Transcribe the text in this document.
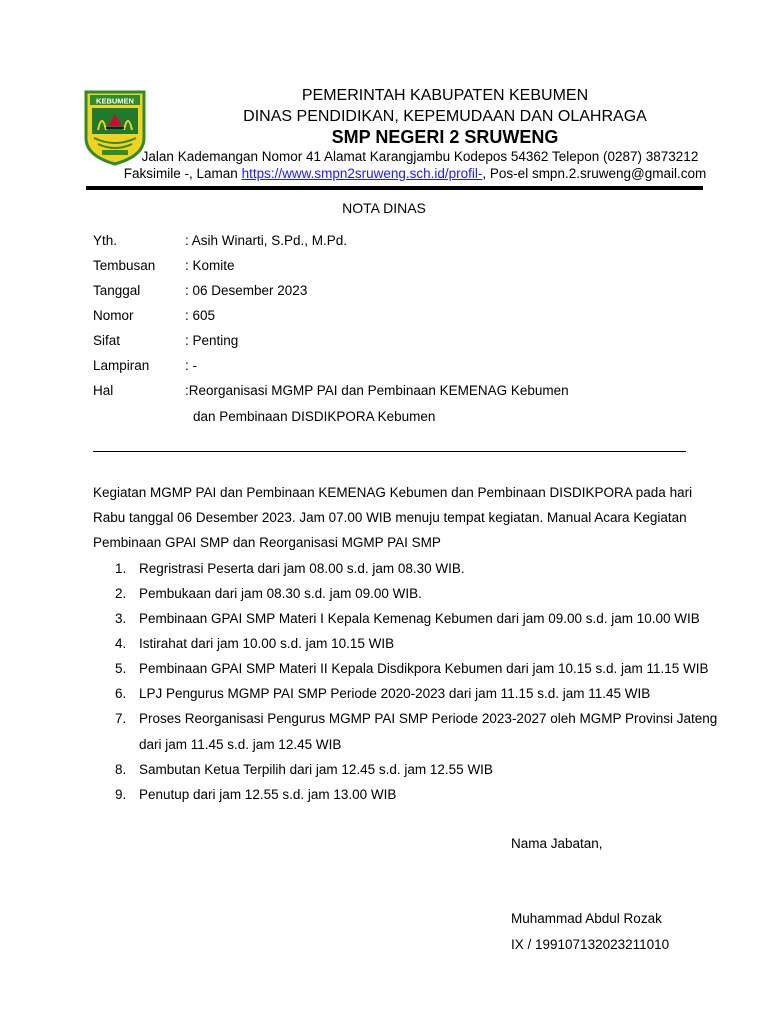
KEBUMEN	PEMERINTAH KABUPATEN KEBUMEN
DINAS PENDIDIKAN, KEPEMUDAAN DAN OLAHRAGA
SMP NEGERI 2 SRUWENG
Jalan Kademangan Nomor 41 Alamat Karangjambu Kodepos 54362 Telepon (0287) 3873212
Faksimile -, Laman https://www.smpn2sruweng.sch.id/profil-, Pos-el smpn.2.sruweng@gmail.com
NOTA DINAS
Yth.	: Asih Winarti, S.Pd., M.Pd.
Tembusan : Komite
Tanggal	: 06 Desember 2023
Nomor	: 605
Sifat	: Penting
Lampiran	: -
Hal	:Reorganisasi MGMP PAI dan Pembinaan KEMENAG Kebumen
dan Pembinaan DISDIKPORA Kebumen
Kegiatan MGMP PAI dan Pembinaan KEMENAG Kebumen dan Pembinaan DISDIKPORA pada hari
Rabu tanggal 06 Desember 2023. Jam 07.00 WIB menuju tempat kegiatan. Manual Acara Kegiatan
Pembinaan GPAI SMP dan Reorganisasi MGMP PAI SMP
1. Regristrasi Peserta dari jam 08.00 s.d. jam 08.30 WIB.
2. Pembukaan dari jam 08.30 s.d. jam 09.00 WIB.
3. Pembinaan GPAI SMP Materi I Kepala Kemenag Kebumen dari jam 09.00 s.d. jam 10.00 WIB
4. Istirahat dari jam 10.00 s.d. jam 10.15 WIB
5. Pembinaan GPAI SMP Materi II Kepala Disdikpora Kebumen dari jam 10.15 s.d. jam 11.15 WIB
6. LPJ Pengurus MGMP PAI SMP Periode 2020-2023 dari jam 11.15 s.d. jam 11.45 WIB
7. Proses Reorganisasi Pengurus MGMP PAI SMP Periode 2023-2027 oleh MGMP Provinsi Jateng
dari jam 11.45 s.d. jam 12.45 WIB
8. Sambutan Ketua Terpilih dari jam 12.45 s.d. jam 12.55 WIB
9. Penutup dari jam 12.55 s.d. jam 13.00 WIB
Nama Jabatan,
Muhammad Abdul Rozak
IX / 199107132023211010
